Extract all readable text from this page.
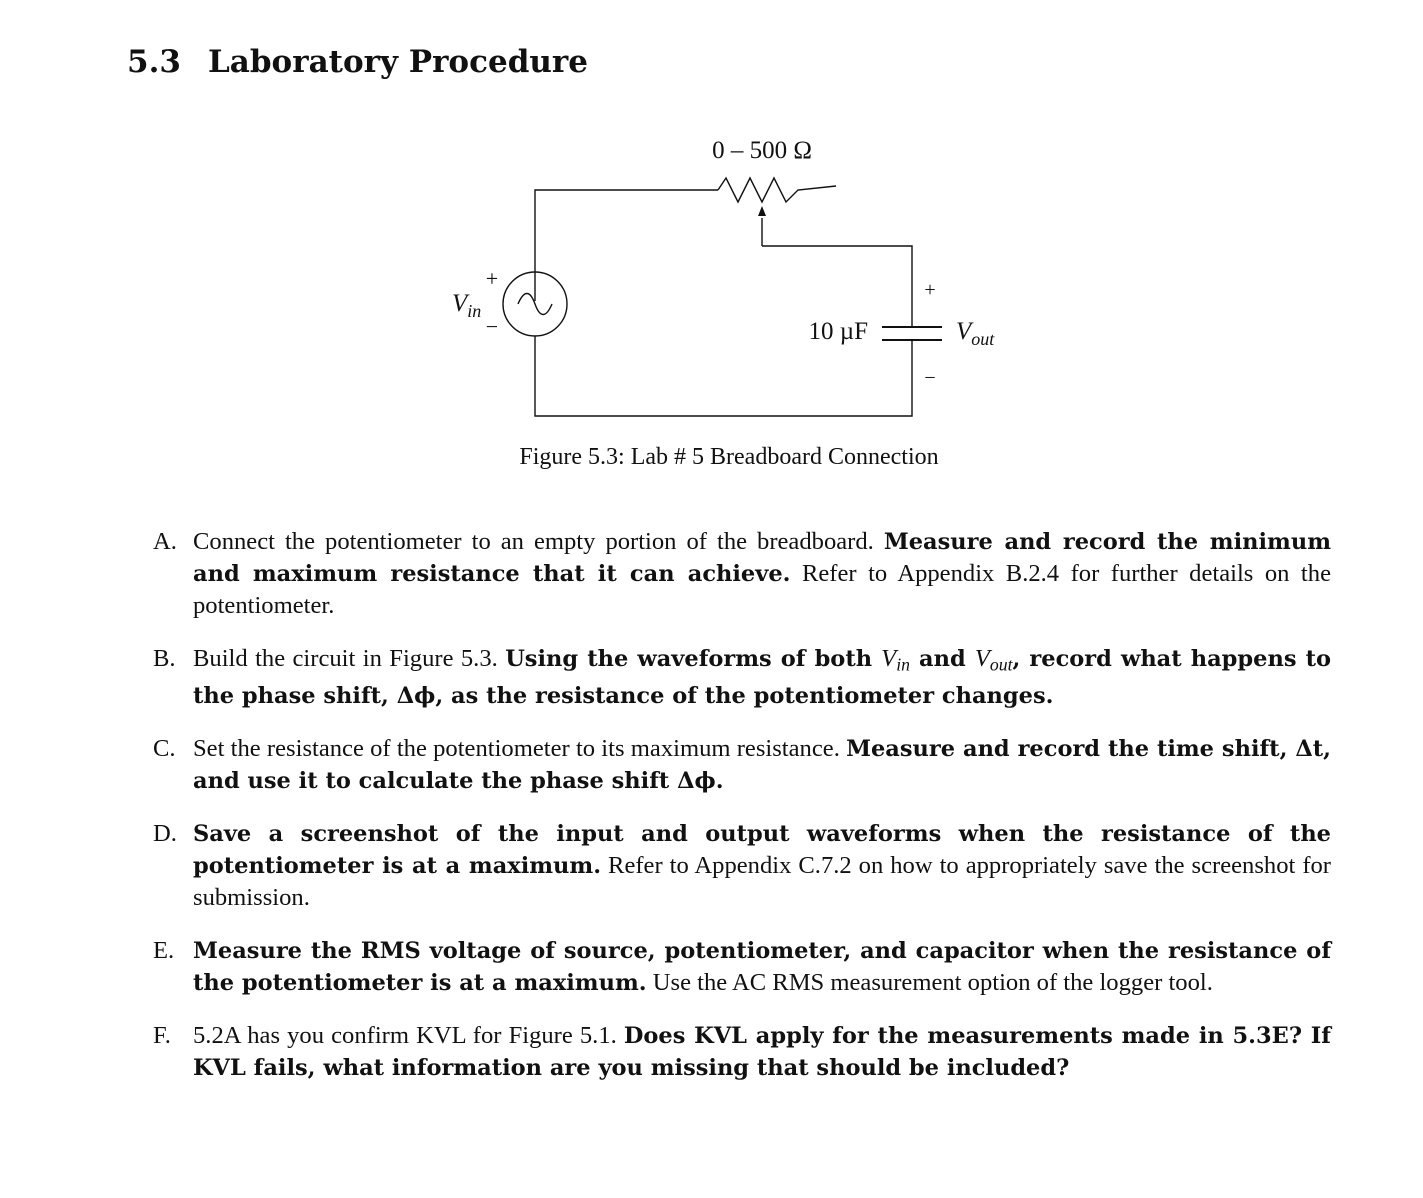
5.3 Laboratory Procedure
0 – 500 Ω
+
−
$V_{in}$
10 µF
+
−
$V_{out}$
Figure 5.3: Lab # 5 Breadboard Connection
A. Connect the potentiometer to an empty portion of the breadboard. Measure and record the minimum and maximum resistance that it can achieve. Refer to Appendix B.2.4 for further details on the potentiometer.
B. Build the circuit in Figure 5.3. Using the waveforms of both $V_{in}$ and $V_{out}$, record what happens to the phase shift, Δϕ, as the resistance of the potentiometer changes.
C. Set the resistance of the potentiometer to its maximum resistance. Measure and record the time shift, Δt, and use it to calculate the phase shift Δϕ.
D. Save a screenshot of the input and output waveforms when the resistance of the potentiometer is at a maximum. Refer to Appendix C.7.2 on how to appropriately save the screenshot for submission.
E. Measure the RMS voltage of source, potentiometer, and capacitor when the resistance of the potentiometer is at a maximum. Use the AC RMS measurement option of the logger tool.
F. 5.2A has you confirm KVL for Figure 5.1. Does KVL apply for the measurements made in 5.3E? If KVL fails, what information are you missing that should be included?
